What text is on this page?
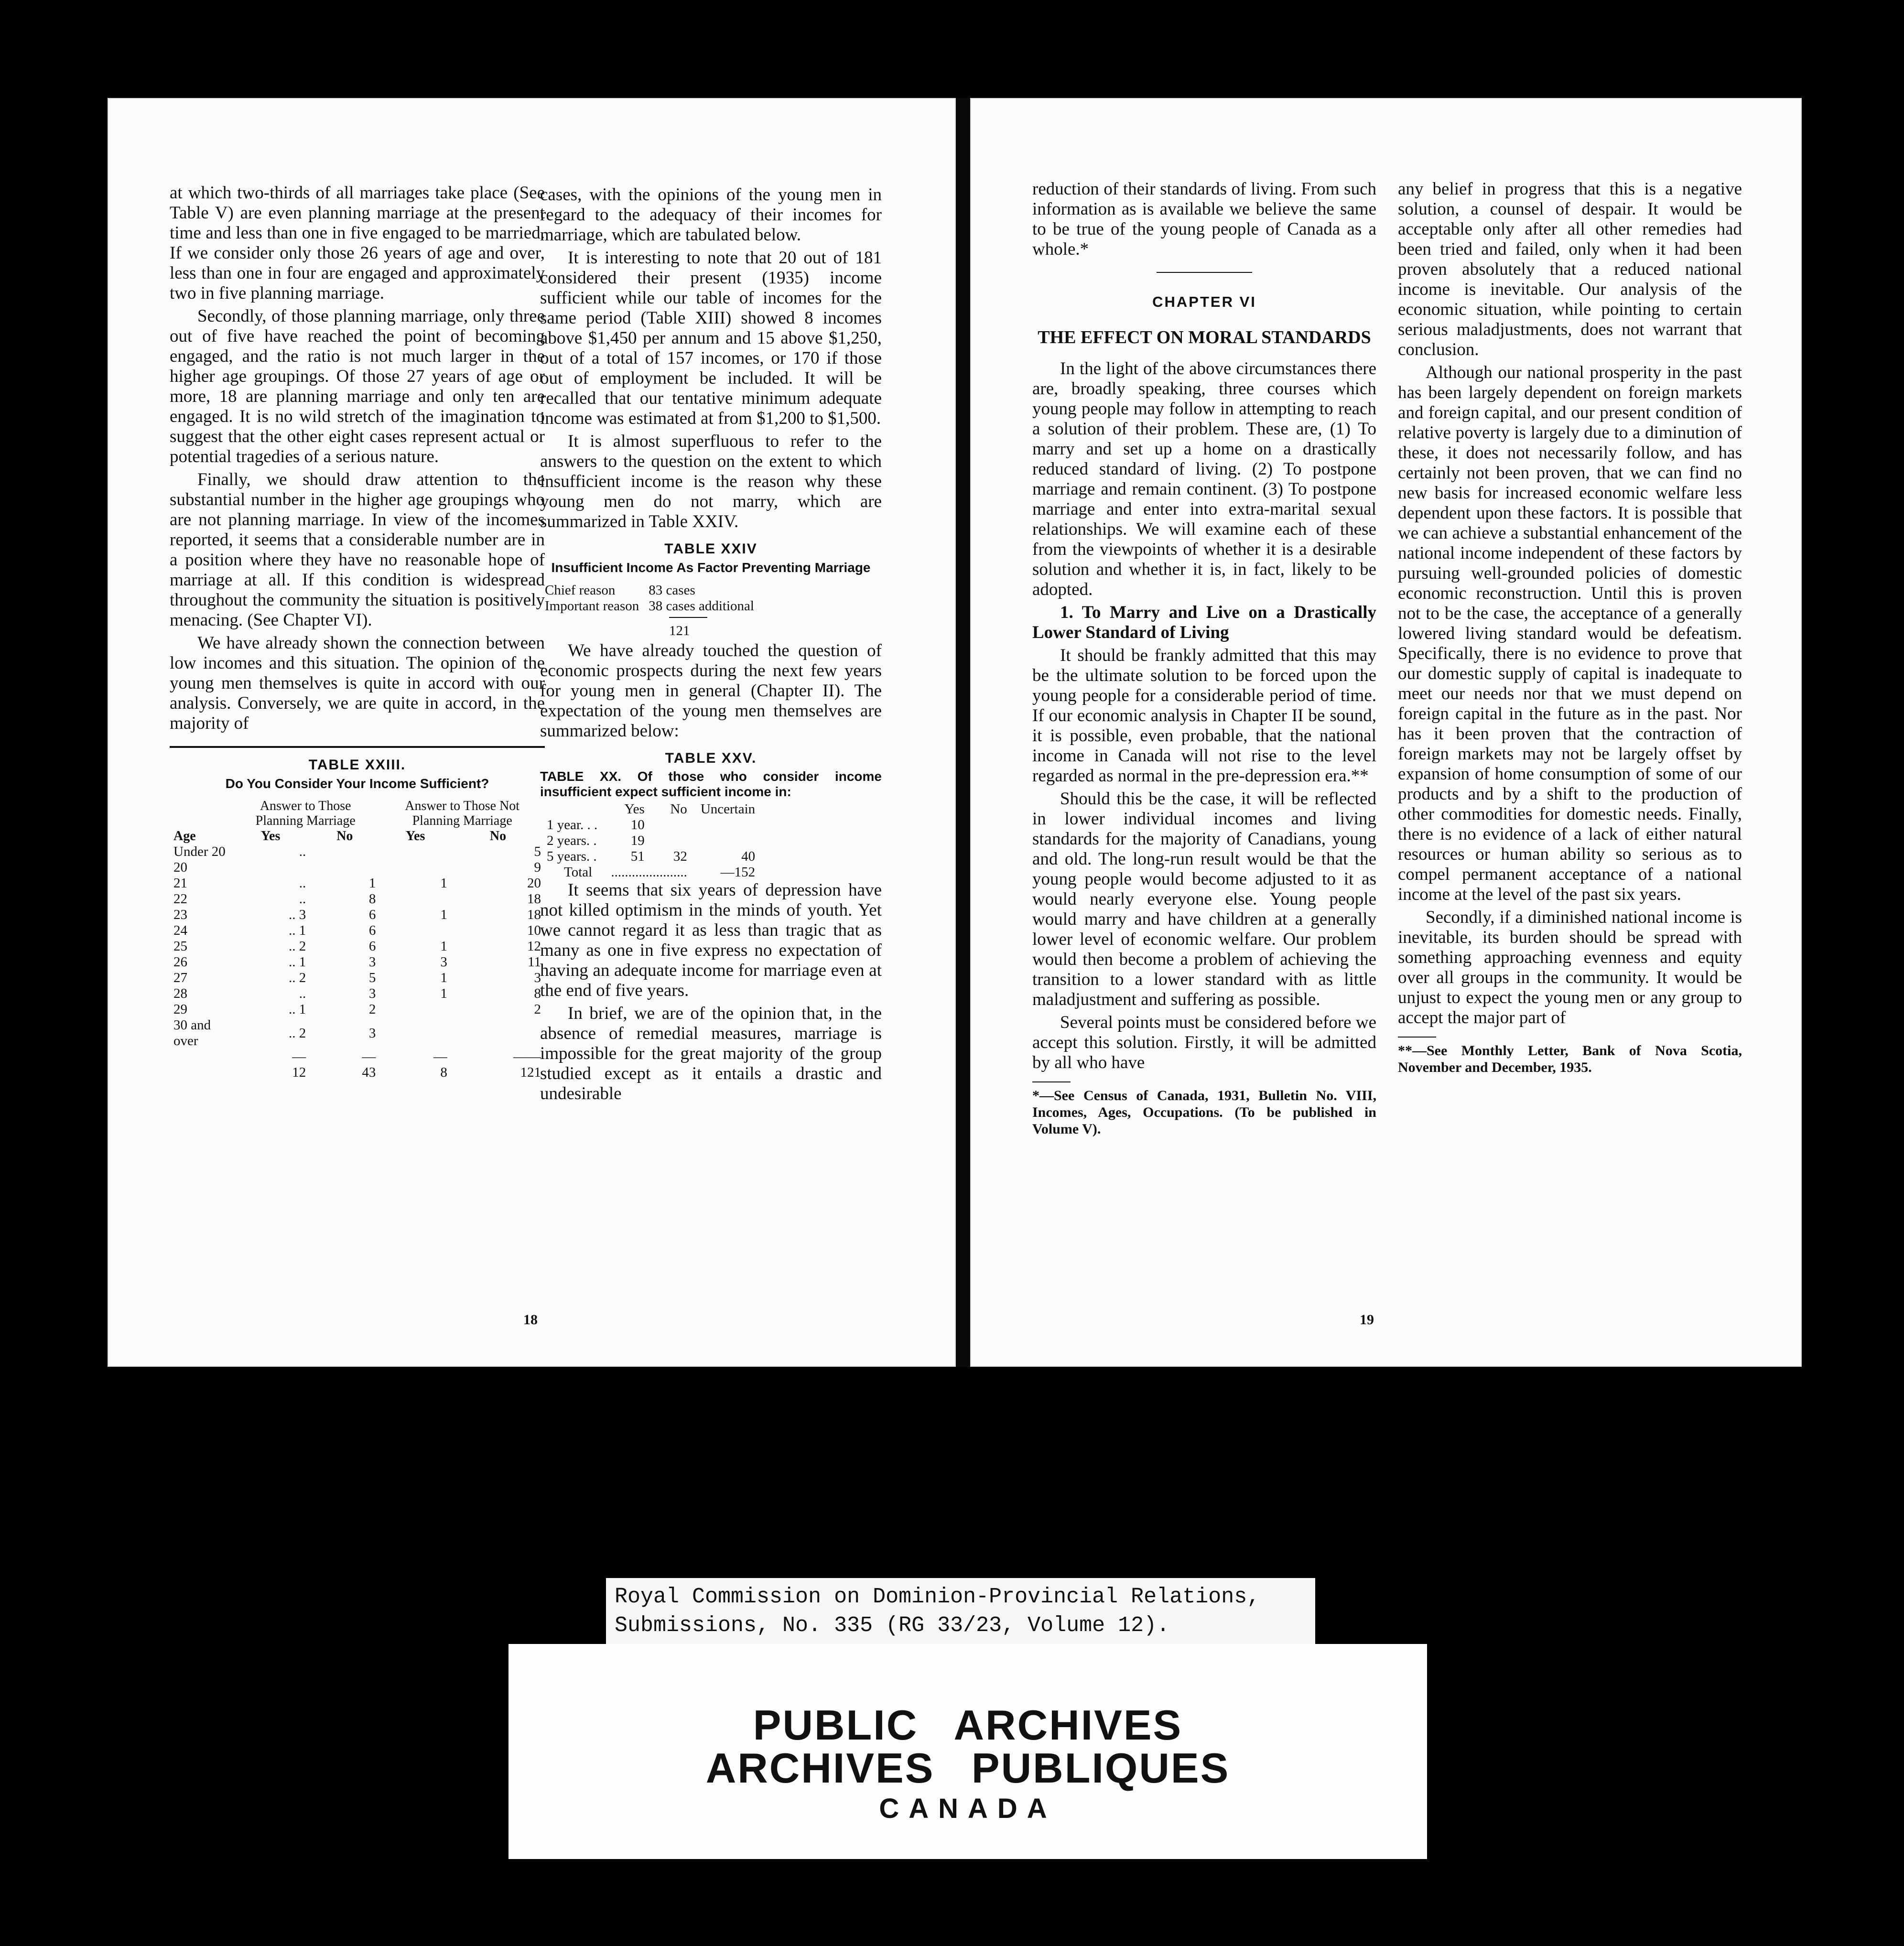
at which two-thirds of all marriages take place (See Table V) are even planning marriage at the present time and less than one in five engaged to be married. If we consider only those 26 years of age and over, less than one in four are engaged and approximately two in five planning marriage.

Secondly, of those planning marriage, only three out of five have reached the point of becoming engaged, and the ratio is not much larger in the higher age groupings. Of those 27 years of age or more, 18 are planning marriage and only ten are engaged. It is no wild stretch of the imagination to suggest that the other eight cases represent actual or potential tragedies of a serious nature.

Finally, we should draw attention to the substantial number in the higher age groupings who are not planning marriage. In view of the incomes reported, it seems that a considerable number are in a position where they have no reasonable hope of marriage at all. If this condition is widespread throughout the community the situation is positively menacing. (See Chapter VI).

We have already shown the connection between low incomes and this situation. The opinion of the young men themselves is quite in accord with our analysis. Conversely, we are quite in accord, in the majority of

TABLE XXIII.
Do You Consider Your Income Sufficient?
	Answer to Those Planning Marriage		Answer to Those Not Planning Marriage	
Age	Yes	No	Yes	No
Under 20	..			5
20				9
21	..	1	1	20
22	..	8		18
23	.. 3	6	1	18
24	.. 1	6		10
25	.. 2	6	1	12
26	.. 1	3	3	11
27	.. 2	5	1	3
28	..	3	1	8
29	.. 1	2		2
30 and over	.. 2	3		
	—	—	—	——
	12	43	8	121

cases, with the opinions of the young men in regard to the adequacy of their incomes for marriage, which are tabulated below.

It is interesting to note that 20 out of 181 considered their present (1935) income sufficient while our table of incomes for the same period (Table XIII) showed 8 incomes above $1,450 per annum and 15 above $1,250, out of a total of 157 incomes, or 170 if those out of employment be included. It will be recalled that our tentative minimum adequate income was estimated at from $1,200 to $1,500.

It is almost superfluous to refer to the answers to the question on the extent to which insufficient income is the reason why these young men do not marry, which are summarized in Table XXIV.

TABLE XXIV
Insufficient Income As Factor Preventing Marriage
Chief reason	83 cases
Important reason	38 cases additional
121

We have already touched the question of economic prospects during the next few years for young men in general (Chapter II). The expectation of the young men themselves are summarized below:

TABLE XXV.
TABLE XX. Of those who consider income insufficient expect sufficient income in:
	Yes	No	Uncertain
1 year. . .	10		
2 years. .	19		
5 years. .	51	32	40
Total	......................		—152

It seems that six years of depression have not killed optimism in the minds of youth. Yet we cannot regard it as less than tragic that as many as one in five express no expectation of having an adequate income for marriage even at the end of five years.

In brief, we are of the opinion that, in the absence of remedial measures, marriage is impossible for the great majority of the group studied except as it entails a drastic and undesirable

18

reduction of their standards of living. From such information as is available we believe the same to be true of the young people of Canada as a whole.*

CHAPTER VI
THE EFFECT ON MORAL STANDARDS

In the light of the above circumstances there are, broadly speaking, three courses which young people may follow in attempting to reach a solution of their problem. These are, (1) To marry and set up a home on a drastically reduced standard of living. (2) To postpone marriage and remain continent. (3) To postpone marriage and enter into extra-marital sexual relationships. We will examine each of these from the viewpoints of whether it is a desirable solution and whether it is, in fact, likely to be adopted.

1. To Marry and Live on a Drastically Lower Standard of Living

It should be frankly admitted that this may be the ultimate solution to be forced upon the young people for a considerable period of time. If our economic analysis in Chapter II be sound, it is possible, even probable, that the national income in Canada will not rise to the level regarded as normal in the pre-depression era.**

Should this be the case, it will be reflected in lower individual incomes and living standards for the majority of Canadians, young and old. The long-run result would be that the young people would become adjusted to it as would nearly everyone else. Young people would marry and have children at a generally lower level of economic welfare. Our problem would then become a problem of achieving the transition to a lower standard with as little maladjustment and suffering as possible.

Several points must be considered before we accept this solution. Firstly, it will be admitted by all who have

*—See Census of Canada, 1931, Bulletin No. VIII, Incomes, Ages, Occupations. (To be published in Volume V).

any belief in progress that this is a negative solution, a counsel of despair. It would be acceptable only after all other remedies had been tried and failed, only when it had been proven absolutely that a reduced national income is inevitable. Our analysis of the economic situation, while pointing to certain serious maladjustments, does not warrant that conclusion.

Although our national prosperity in the past has been largely dependent on foreign markets and foreign capital, and our present condition of relative poverty is largely due to a diminution of these, it does not necessarily follow, and has certainly not been proven, that we can find no new basis for increased economic welfare less dependent upon these factors. It is possible that we can achieve a substantial enhancement of the national income independent of these factors by pursuing well-grounded policies of domestic economic reconstruction. Until this is proven not to be the case, the acceptance of a generally lowered living standard would be defeatism. Specifically, there is no evidence to prove that our domestic supply of capital is inadequate to meet our needs nor that we must depend on foreign capital in the future as in the past. Nor has it been proven that the contraction of foreign markets may not be largely offset by expansion of home consumption of some of our products and by a shift to the production of other commodities for domestic needs. Finally, there is no evidence of a lack of either natural resources or human ability so serious as to compel permanent acceptance of a national income at the level of the past six years.

Secondly, if a diminished national income is inevitable, its burden should be spread with something approaching evenness and equity over all groups in the community. It would be unjust to expect the young men or any group to accept the major part of

**—See Monthly Letter, Bank of Nova Scotia, November and December, 1935.
19
Royal Commission on Dominion-Provincial Relations,
Submissions, No. 335 (RG 33/23, Volume 12).
PUBLIC ARCHIVES
ARCHIVES PUBLIQUES
CANADA
